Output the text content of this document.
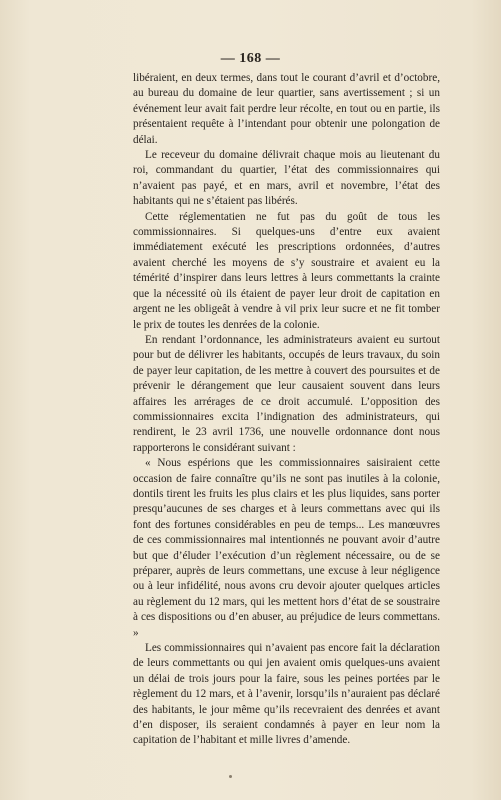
— 168 —

libéraient, en deux termes, dans tout le courant d’avril et d’octobre, au bureau du domaine de leur quartier, sans avertissement ; si un événement leur avait fait perdre leur récolte, en tout ou en partie, ils présentaient requête à l’intendant pour obtenir une polongation de délai.

Le receveur du domaine délivrait chaque mois au lieutenant du roi, commandant du quartier, l’état des commissionnaires qui n’avaient pas payé, et en mars, avril et novembre, l’état des habitants qui ne s’étaient pas libérés.

Cette réglementatien ne fut pas du goût de tous les commissionnaires. Si quelques-uns d’entre eux avaient immédiatement exécuté les prescriptions ordonnées, d’autres avaient cherché les moyens de s’y soustraire et avaient eu la témérité d’inspirer dans leurs lettres à leurs commettants la crainte que la nécessité où ils étaient de payer leur droit de capitation en argent ne les obligeât à vendre à vil prix leur sucre et ne fit tomber le prix de toutes les denrées de la colonie.

En rendant l’ordonnance, les administrateurs avaient eu surtout pour but de délivrer les habitants, occupés de leurs travaux, du soin de payer leur capitation, de les mettre à couvert des poursuites et de prévenir le dérangement que leur causaient souvent dans leurs affaires les arrérages de ce droit accumulé. L’opposition des commissionnaires excita l’indignation des administrateurs, qui rendirent, le 23 avril 1736, une nouvelle ordonnance dont nous rapporterons le considérant suivant :

« Nous espérions que les commissionnaires saisiraient cette occasion de faire connaître qu’ils ne sont pas inutiles à la colonie, dontils tirent les fruits les plus clairs et les plus liquides, sans porter presqu’aucunes de ses charges et à leurs commettans avec qui ils font des fortunes considérables en peu de temps... Les manœuvres de ces commissionnaires mal intentionnés ne pouvant avoir d’autre but que d’éluder l’exécution d’un règlement nécessaire, ou de se préparer, auprès de leurs commettans, une excuse à leur négligence ou à leur infidélité, nous avons cru devoir ajouter quelques articles au règlement du 12 mars, qui les mettent hors d’état de se soustraire à ces dispositions ou d’en abuser, au préjudice de leurs commettans. »

Les commissionnaires qui n’avaient pas encore fait la déclaration de leurs commettants ou qui jen avaient omis quelques-uns avaient un délai de trois jours pour la faire, sous les peines portées par le règlement du 12 mars, et à l’avenir, lorsqu’ils n’auraient pas déclaré des habitants, le jour même qu’ils recevraient des denrées et avant d’en disposer, ils seraient condamnés à payer en leur nom la capitation de l’habitant et mille livres d’amende.
